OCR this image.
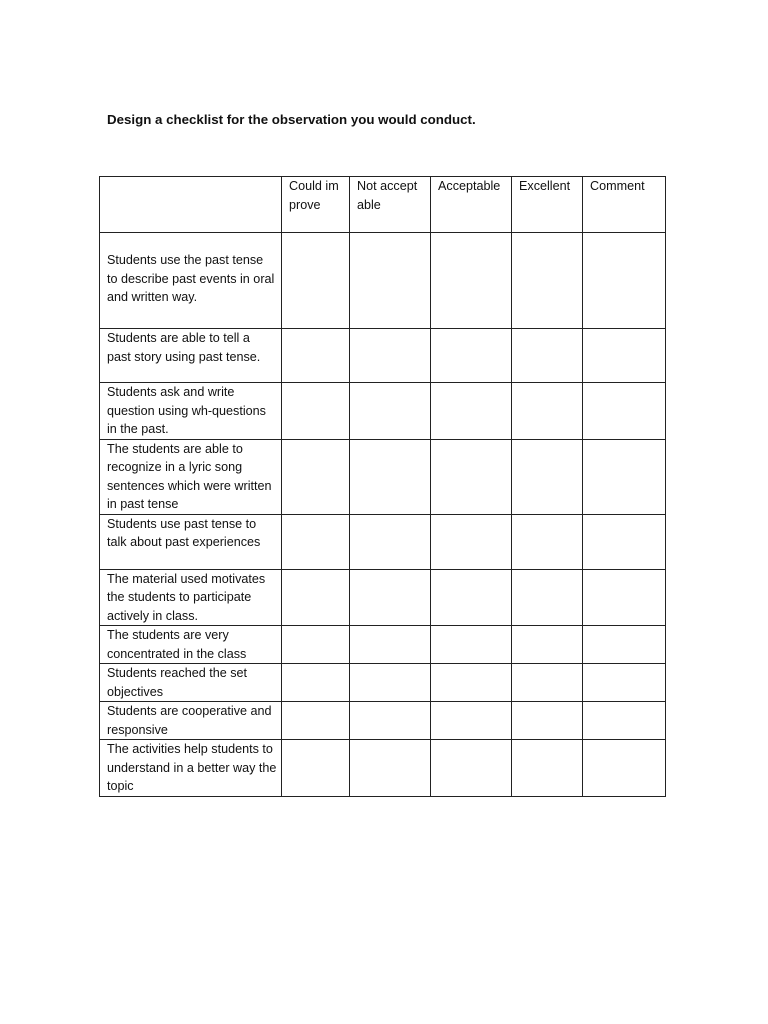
Design a checklist for the observation you would conduct.

	Could improve	Not acceptable	Acceptable	Excellent	Comment

Students use the past tense to describe past events in oral and written way.					
Students are able to tell a past story using past tense.					
Students ask and write question using wh-questions in the past.					
The students are able to recognize in a lyric song sentences which were written in past tense					
Students use past tense to talk about past experiences					
The material used motivates the students to participate actively in class.					
The students are very concentrated in the class					
Students reached the set objectives					
Students are cooperative and responsive					
The activities help students to understand in a better way the topic					
